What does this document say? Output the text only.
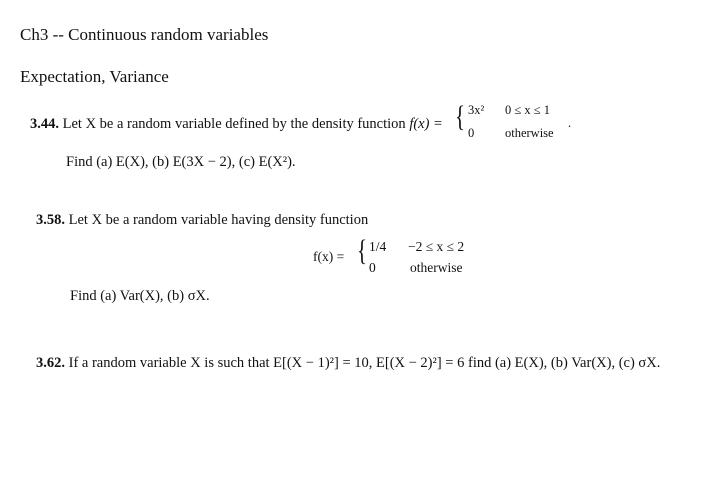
Ch3 -- Continuous random variables
Expectation, Variance
3.44. Let X be a random variable defined by the density function f(x) = { 3x² 0 ≤ x ≤ 1
0 otherwise
.
Find (a) E(X), (b) E(3X − 2), (c) E(X²).
3.58. Let X be a random variable having density function
f(x) = { 1/4 −2 ≤ x ≤ 2
0	otherwise
Find (a) Var(X), (b) σX.
3.62. If a random variable X is such that E[(X − 1)²] = 10, E[(X − 2)²] = 6 find (a) E(X), (b) Var(X), (c) σX.
